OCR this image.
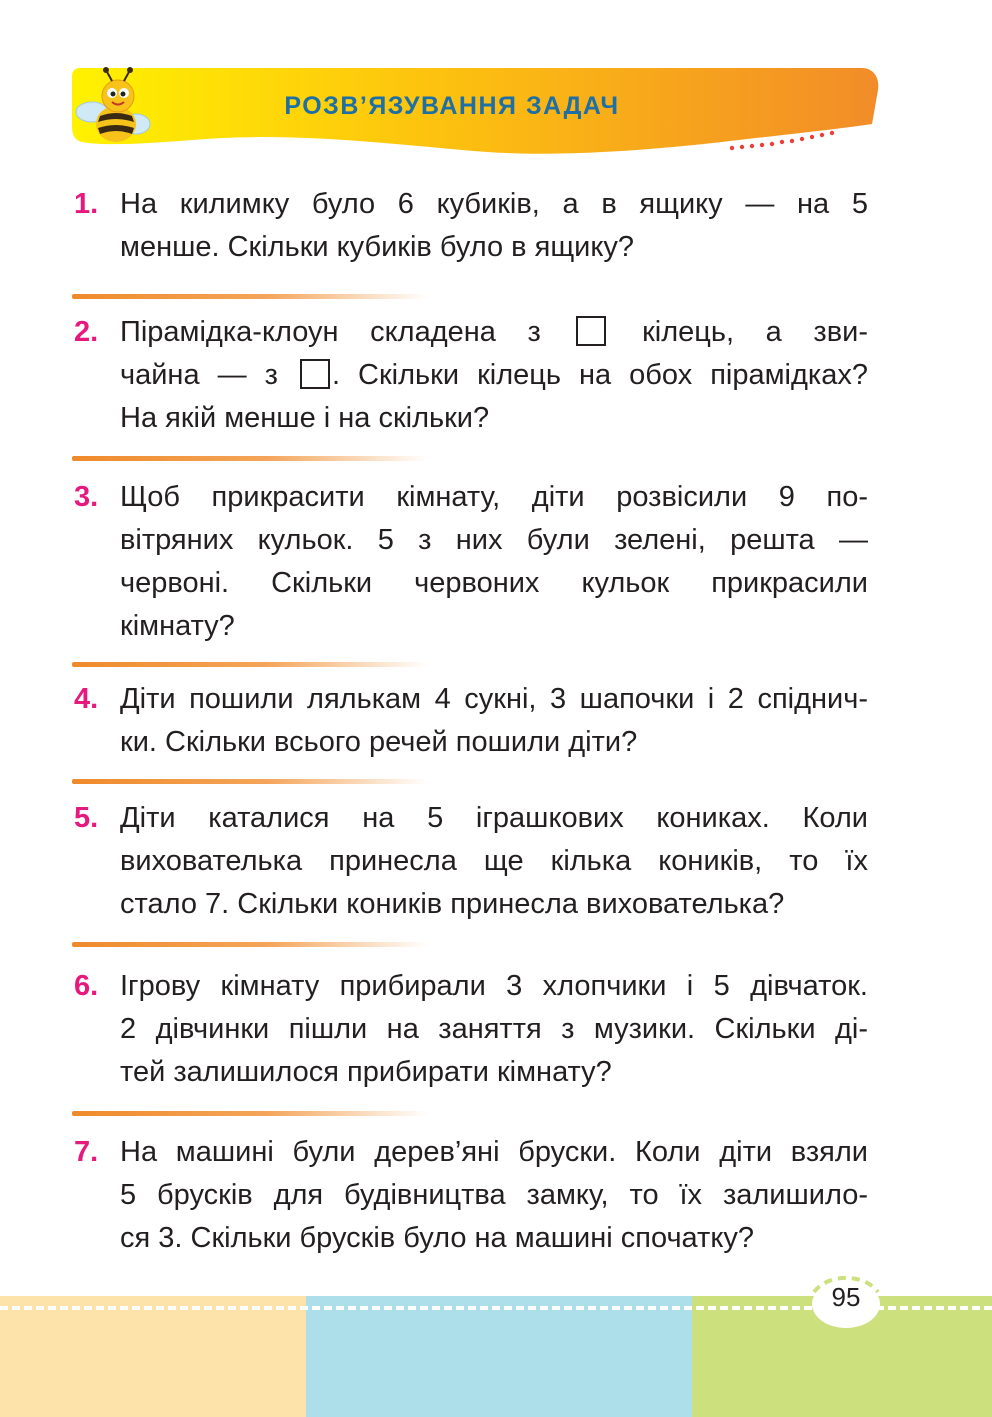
РОЗВ’ЯЗУВАННЯ ЗАДАЧ
1. На килимку було 6 кубиків, а в ящику — на 5
менше. Скільки кубиків було в ящику?
2. Пірамідка-клоун складена з	кілець, а зви-
чайна — з . Скільки кілець на обох пірамідках?
На якій менше і на скільки?
3. Щоб прикрасити кімнату, діти розвісили 9 по-
вітряних кульок. 5 з них були зелені, решта —
червоні. Скільки червоних кульок прикрасили
кімнату?
4. Діти пошили лялькам 4 сукні, 3 шапочки і 2 спіднич-
ки. Скільки всього речей пошили діти?
5. Діти каталися на 5 іграшкових кониках. Коли
вихователька принесла ще кілька коників, то їх
стало 7. Скільки коників принесла вихователька?
6. Ігрову кімнату прибирали 3 хлопчики і 5 дівчаток.
2 дівчинки пішли на заняття з музики. Скільки ді-
тей залишилося прибирати кімнату?
7. На машині були дерев’яні бруски. Коли діти взяли
5 брусків для будівництва замку, то їх залишило-
ся 3. Скільки брусків було на машині спочатку?
95
